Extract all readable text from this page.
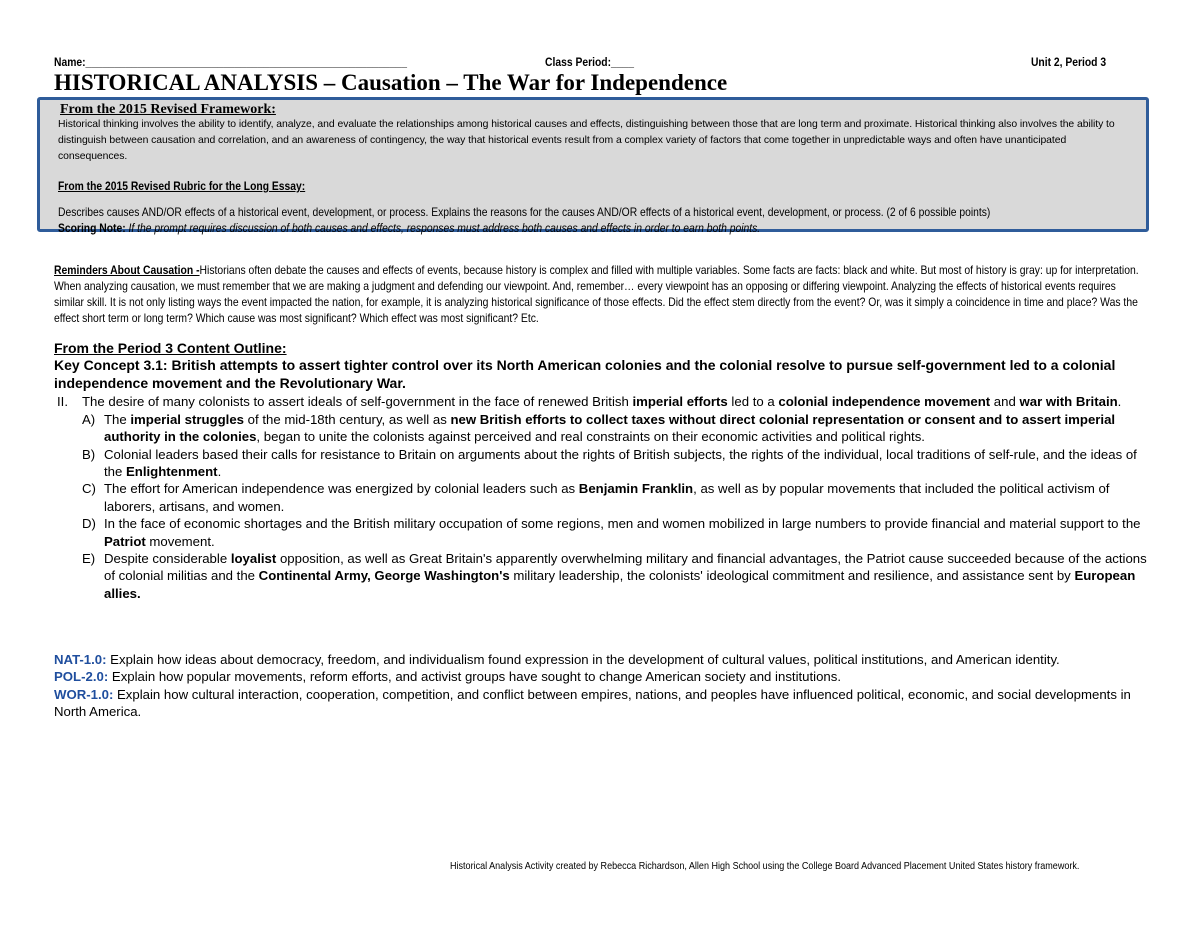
Name:________________________________________________________	Class Period:____	Unit 2, Period 3
HISTORICAL ANALYSIS – Causation – The War for Independence
From the 2015 Revised Framework:
Historical thinking involves the ability to identify, analyze, and evaluate the relationships among historical causes and effects, distinguishing between those that are long term and proximate. Historical thinking also involves the ability to distinguish between causation and correlation, and an awareness of contingency, the way that historical events result from a complex variety of factors that come together in unpredictable ways and often have unanticipated consequences.
From the 2015 Revised Rubric for the Long Essay:
Describes causes AND/OR effects of a historical event, development, or process. Explains the reasons for the causes AND/OR effects of a historical event, development, or process. (2 of 6 possible points)
Scoring Note: If the prompt requires discussion of both causes and effects, responses must address both causes and effects in order to earn both points.
Reminders About Causation -Historians often debate the causes and effects of events, because history is complex and filled with multiple variables. Some facts are facts: black and white. But most of history is gray: up for interpretation. When analyzing causation, we must remember that we are making a judgment and defending our viewpoint. And, remember… every viewpoint has an opposing or differing viewpoint. Analyzing the effects of historical events requires similar skill. It is not only listing ways the event impacted the nation, for example, it is analyzing historical significance of those effects. Did the effect stem directly from the event? Or, was it simply a coincidence in time and place? Was the effect short term or long term? Which cause was most significant? Which effect was most significant? Etc.
From the Period 3 Content Outline:
Key Concept 3.1: British attempts to assert tighter control over its North American colonies and the colonial resolve to pursue self-government led to a colonial independence movement and the Revolutionary War.
II.	The desire of many colonists to assert ideals of self-government in the face of renewed British imperial efforts led to a colonial independence movement and war with Britain.
A) The imperial struggles of the mid-18th century, as well as new British efforts to collect taxes without direct colonial representation or consent and to assert imperial authority in the colonies, began to unite the colonists against perceived and real constraints on their economic activities and political rights.
B) Colonial leaders based their calls for resistance to Britain on arguments about the rights of British subjects, the rights of the individual, local traditions of self-rule, and the ideas of the Enlightenment.
C) The effort for American independence was energized by colonial leaders such as Benjamin Franklin, as well as by popular movements that included the political activism of laborers, artisans, and women.
D) In the face of economic shortages and the British military occupation of some regions, men and women mobilized in large numbers to provide financial and material support to the Patriot movement.
E) Despite considerable loyalist opposition, as well as Great Britain's apparently overwhelming military and financial advantages, the Patriot cause succeeded because of the actions of colonial militias and the Continental Army, George Washington's military leadership, the colonists' ideological commitment and resilience, and assistance sent by European allies.
NAT-1.0: Explain how ideas about democracy, freedom, and individualism found expression in the development of cultural values, political institutions, and American identity.
POL-2.0: Explain how popular movements, reform efforts, and activist groups have sought to change American society and institutions.
WOR-1.0: Explain how cultural interaction, cooperation, competition, and conflict between empires, nations, and peoples have influenced political, economic, and social developments in North America.
Historical Analysis Activity created by Rebecca Richardson, Allen High School using the College Board Advanced Placement United States history framework.
